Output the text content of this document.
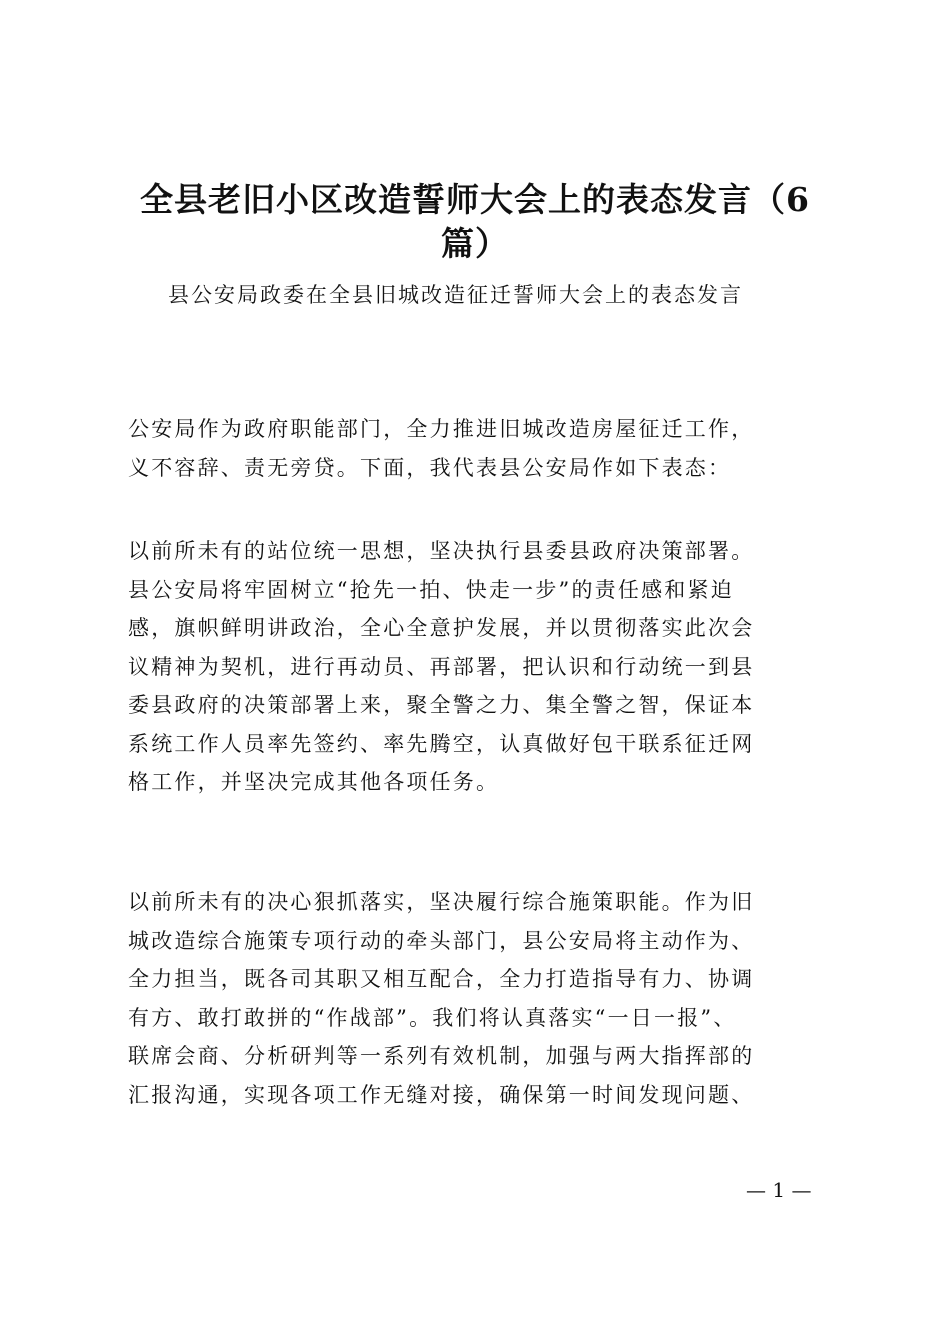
全县老旧小区改造誓师大会上的表态发言（6
篇）
县公安局政委在全县旧城改造征迁誓师大会上的表态发言
公安局作为政府职能部门，全力推进旧城改造房屋征迁工作，
义不容辞、责无旁贷。下面，我代表县公安局作如下表态：
以前所未有的站位统一思想，坚决执行县委县政府决策部署。
县公安局将牢固树立“抢先一拍、快走一步”的责任感和紧迫
感，旗帜鲜明讲政治，全心全意护发展，并以贯彻落实此次会
议精神为契机，进行再动员、再部署，把认识和行动统一到县
委县政府的决策部署上来，聚全警之力、集全警之智，保证本
系统工作人员率先签约、率先腾空，认真做好包干联系征迁网
格工作，并坚决完成其他各项任务。
以前所未有的决心狠抓落实，坚决履行综合施策职能。作为旧
城改造综合施策专项行动的牵头部门，县公安局将主动作为、
全力担当，既各司其职又相互配合，全力打造指导有力、协调
有方、敢打敢拼的“作战部”。我们将认真落实“一日一报”、
联席会商、分析研判等一系列有效机制，加强与两大指挥部的
汇报沟通，实现各项工作无缝对接，确保第一时间发现问题、
— 1 —
